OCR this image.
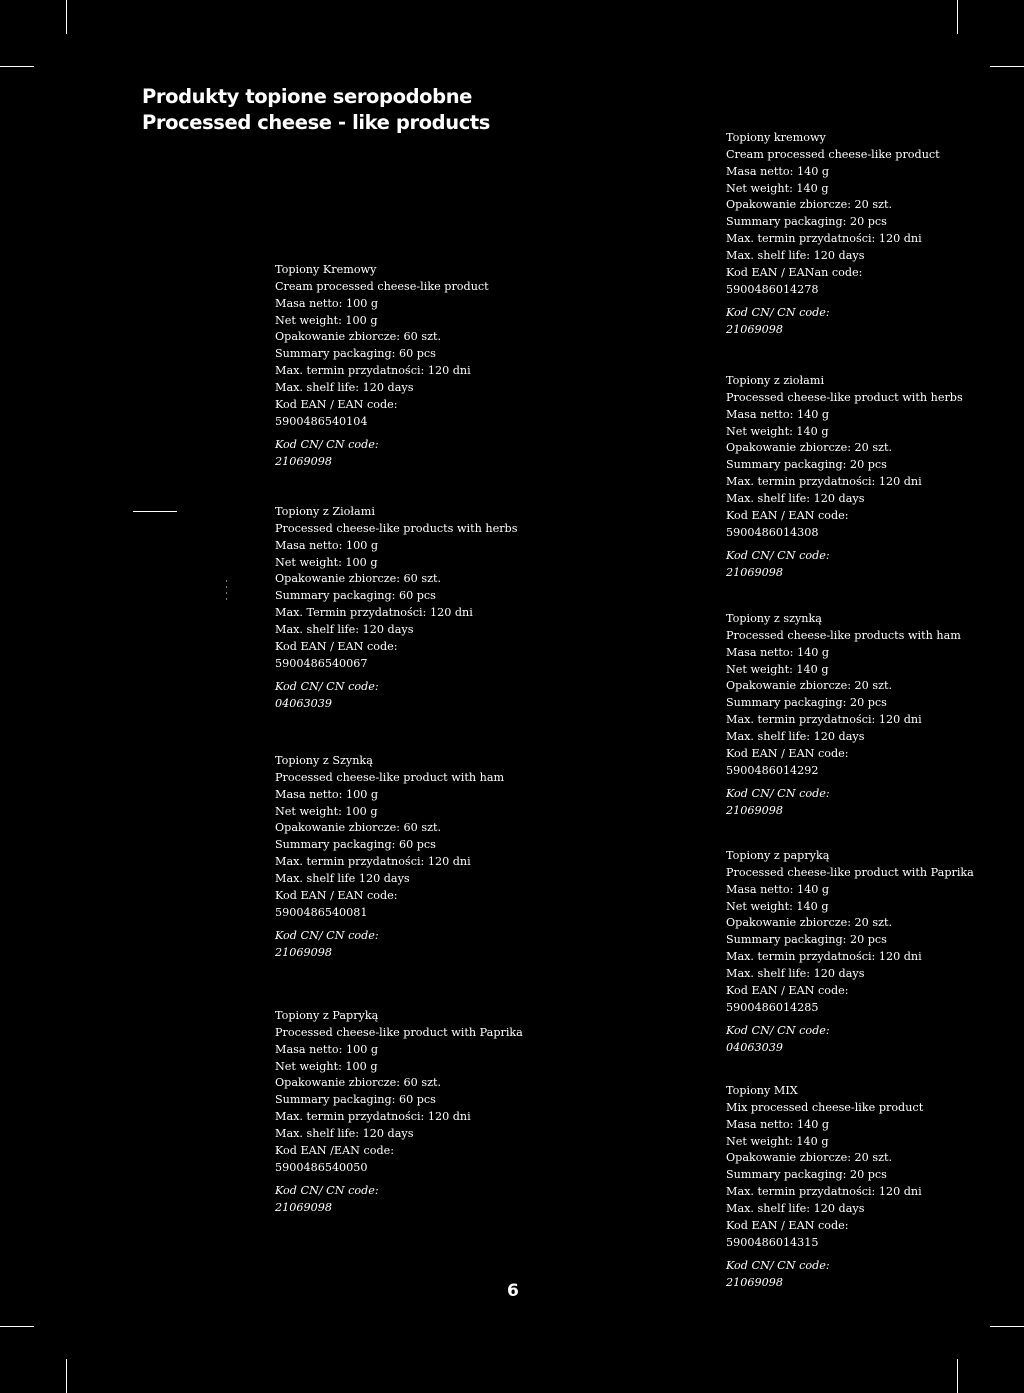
Produkty topione seropodobne
Processed cheese - like products
Topiony Kremowy
Cream processed cheese-like product
Masa netto: 100 g
Net weight: 100 g
Opakowanie zbiorcze: 60 szt.
Summary packaging: 60 pcs
Max. termin przydatności: 120 dni
Max. shelf life: 120 days
Kod EAN / EAN code:
5900486540104
Kod CN/ CN code:
21069098
Topiony z Ziołami
Processed cheese-like products with herbs
Masa netto: 100 g
Net weight: 100 g
Opakowanie zbiorcze: 60 szt.
Summary packaging: 60 pcs
Max. Termin przydatności: 120 dni
Max. shelf life: 120 days
Kod EAN / EAN code:
5900486540067
Kod CN/ CN code:
04063039
Topiony z Szynką
Processed cheese-like product with ham
Masa netto: 100 g
Net weight: 100 g
Opakowanie zbiorcze: 60 szt.
Summary packaging: 60 pcs
Max. termin przydatności: 120 dni
Max. shelf life 120 days
Kod EAN / EAN code:
5900486540081
Kod CN/ CN code:
21069098
Topiony z Papryką
Processed cheese-like product with Paprika
Masa netto: 100 g
Net weight: 100 g
Opakowanie zbiorcze: 60 szt.
Summary packaging: 60 pcs
Max. termin przydatności: 120 dni
Max. shelf life: 120 days
Kod EAN /EAN code:
5900486540050
Kod CN/ CN code:
21069098
Topiony kremowy
Cream processed cheese-like product
Masa netto: 140 g
Net weight: 140 g
Opakowanie zbiorcze: 20 szt.
Summary packaging: 20 pcs
Max. termin przydatności: 120 dni
Max. shelf life: 120 days
Kod EAN / EANan code:
5900486014278
Kod CN/ CN code:
21069098
Topiony z ziołami
Processed cheese-like product with herbs
Masa netto: 140 g
Net weight: 140 g
Opakowanie zbiorcze: 20 szt.
Summary packaging: 20 pcs
Max. termin przydatności: 120 dni
Max. shelf life: 120 days
Kod EAN / EAN code:
5900486014308
Kod CN/ CN code:
21069098
Topiony z szynką
Processed cheese-like products with ham
Masa netto: 140 g
Net weight: 140 g
Opakowanie zbiorcze: 20 szt.
Summary packaging: 20 pcs
Max. termin przydatności: 120 dni
Max. shelf life: 120 days
Kod EAN / EAN code:
5900486014292
Kod CN/ CN code:
21069098
Topiony z papryką
Processed cheese-like product with Paprika
Masa netto: 140 g
Net weight: 140 g
Opakowanie zbiorcze: 20 szt.
Summary packaging: 20 pcs
Max. termin przydatności: 120 dni
Max. shelf life: 120 days
Kod EAN / EAN code:
5900486014285
Kod CN/ CN code:
04063039
Topiony MIX
Mix processed cheese-like product
Masa netto: 140 g
Net weight: 140 g
Opakowanie zbiorcze: 20 szt.
Summary packaging: 20 pcs
Max. termin przydatności: 120 dni
Max. shelf life: 120 days
Kod EAN / EAN code:
5900486014315
Kod CN/ CN code:
21069098
6
